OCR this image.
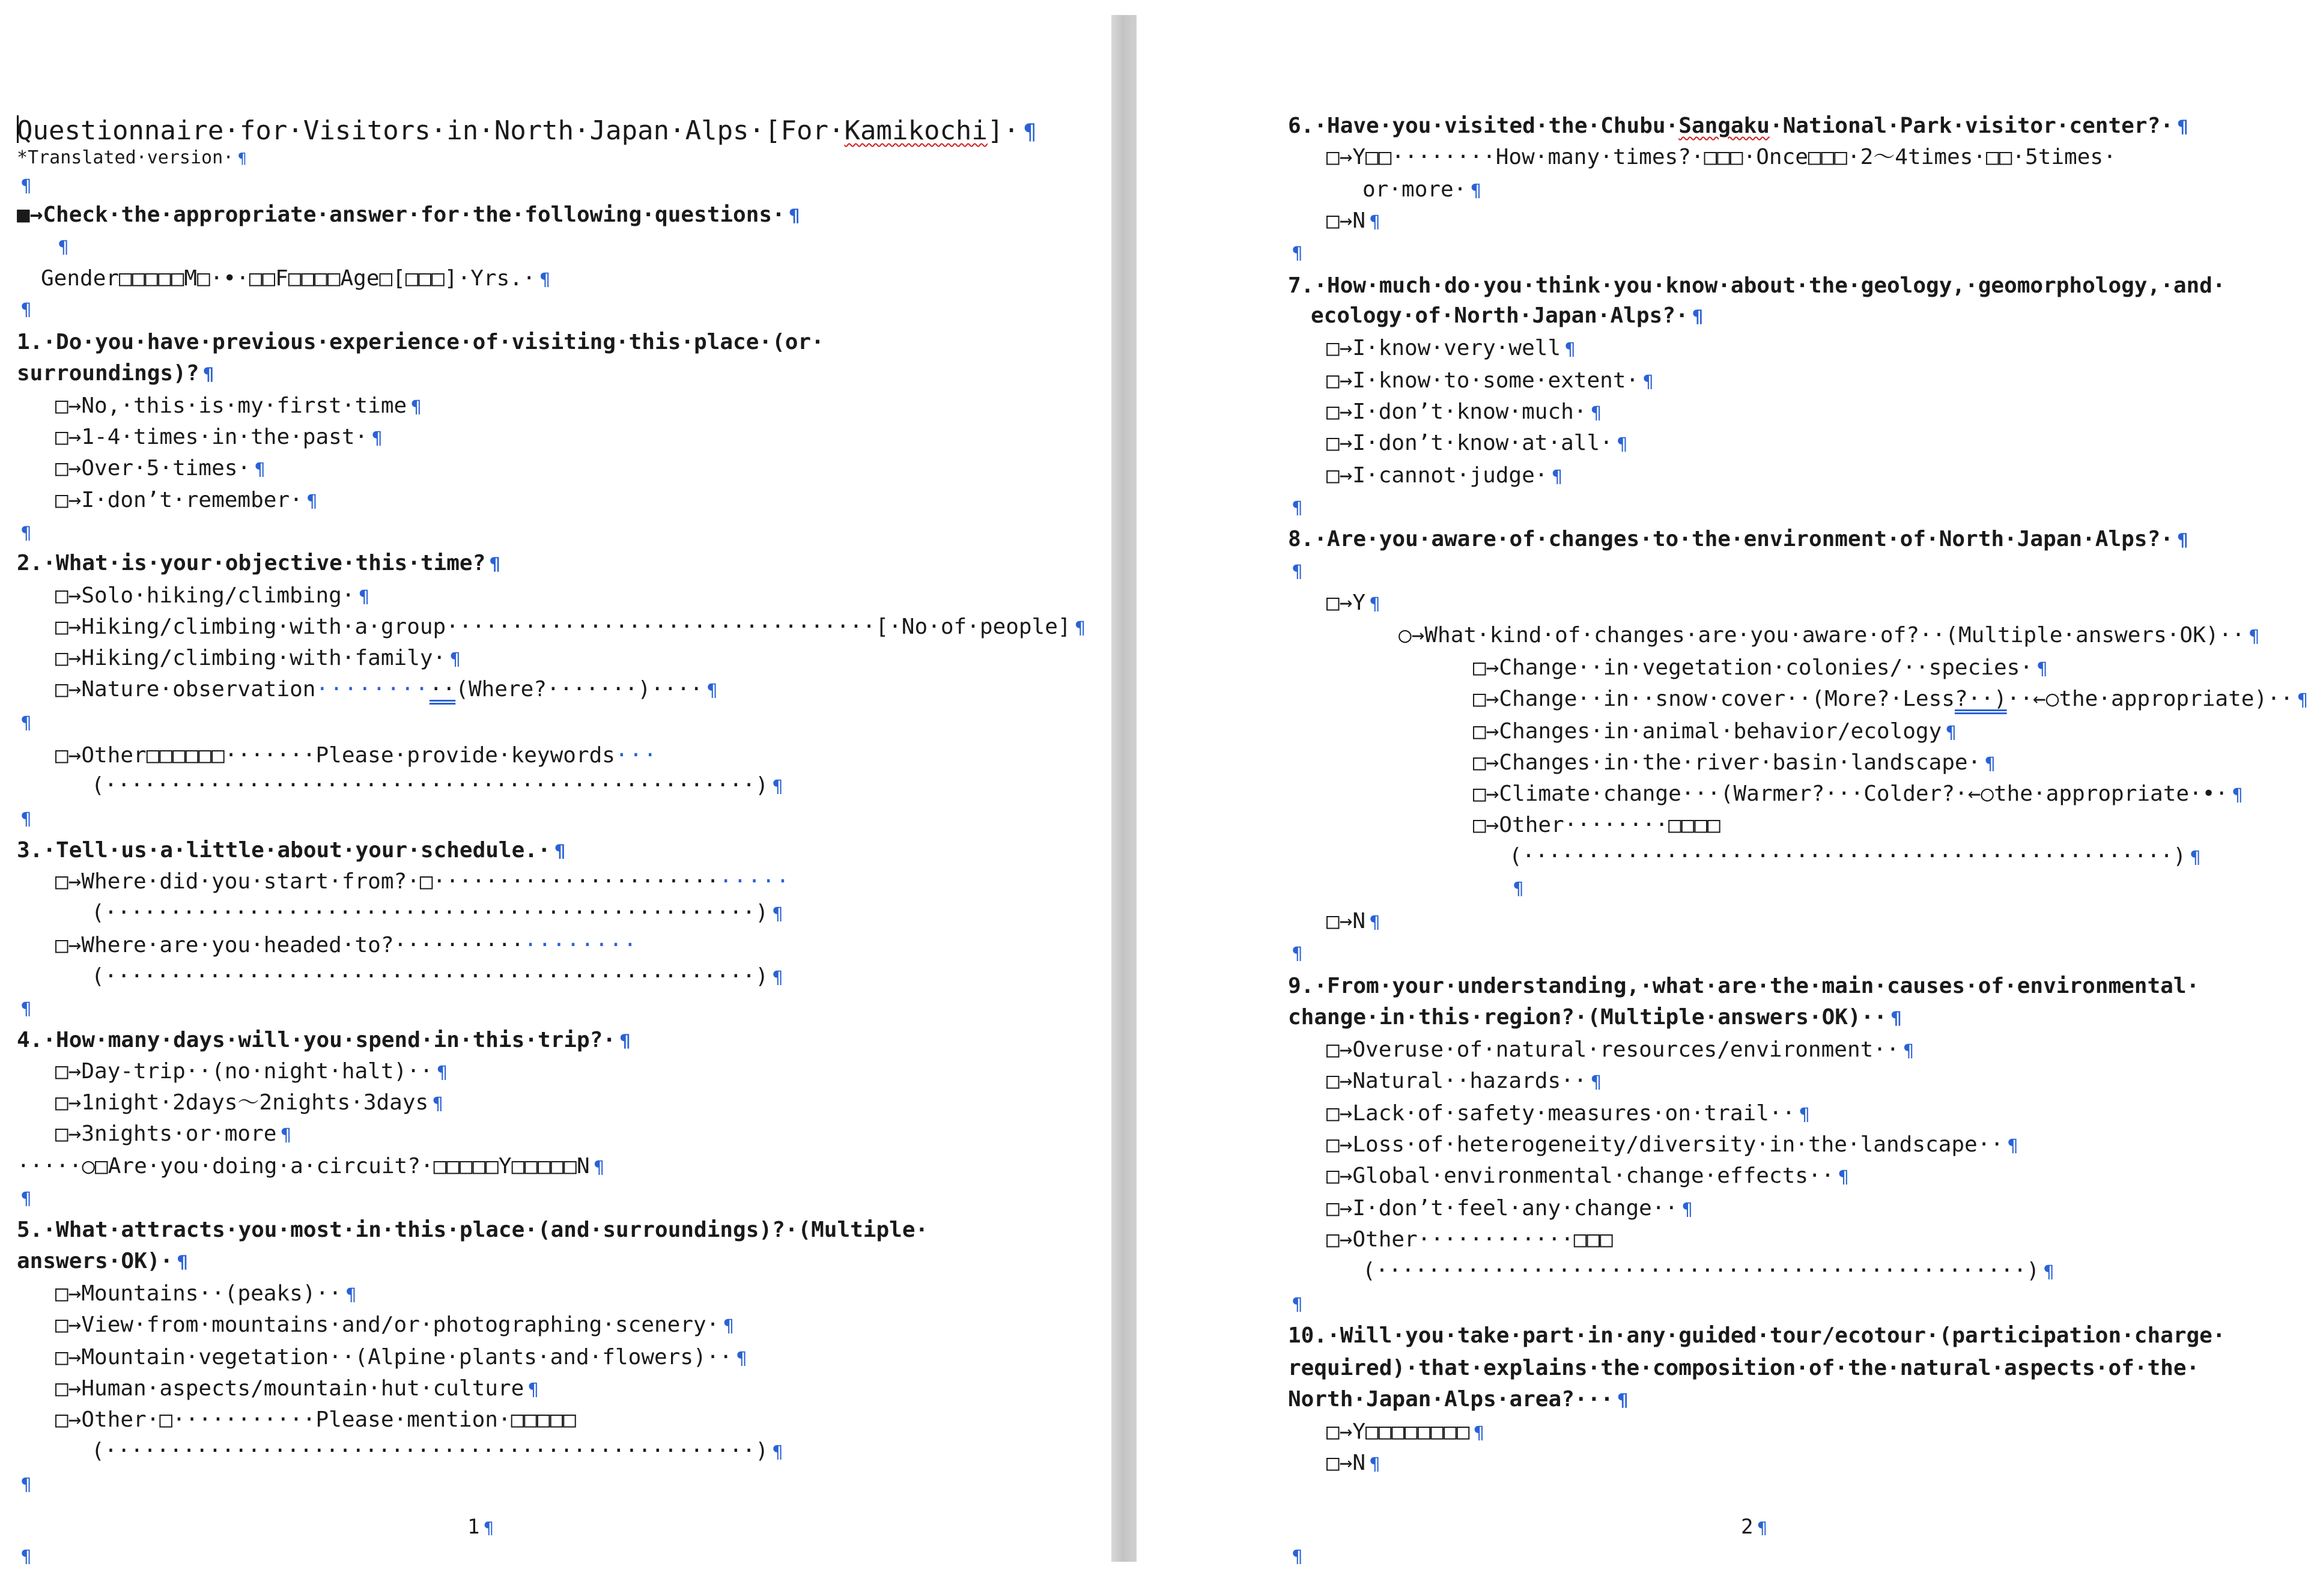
Questionnaire·for·Visitors·in·North·Japan·Alps·[For·Kamikochi]· ¶
*Translated·version· ¶
¶
■→Check·the·appropriate·answer·for·the·following·questions· ¶
¶
Gender□□□□□M□·•·□□F□□□□Age□[□□□]·Yrs.· ¶
¶
1.·Do·you·have·previous·experience·of·visiting·this·place·(or·
surroundings)? ¶
□→No,·this·is·my·first·time ¶
□→1-4·times·in·the·past· ¶
□→Over·5·times· ¶
□→I·don’t·remember· ¶
¶
2.·What·is·your·objective·this·time? ¶
□→Solo·hiking/climbing· ¶
□→Hiking/climbing·with·a·group·································[·No·of·people] ¶
□→Hiking/climbing·with·family· ¶
□→Nature·observation··········(Where?·······)···· ¶
¶
□→Other□□□□□□·······Please·provide·keywords···
(··················································) ¶
¶
3.·Tell·us·a·little·about·your·schedule.· ¶
□→Where·did·you·start·from?·□···························
(··················································) ¶
□→Where·are·you·headed·to?··················
(··················································) ¶
¶
4.·How·many·days·will·you·spend·in·this·trip?· ¶
□→Day-trip··(no·night·halt)·· ¶
□→1night·2days～2nights·3days ¶
□→3nights·or·more ¶
·····○□Are·you·doing·a·circuit?·□□□□□Y□□□□□N ¶
¶
5.·What·attracts·you·most·in·this·place·(and·surroundings)?·(Multiple·
answers·OK)· ¶
□→Mountains··(peaks)·· ¶
□→View·from·mountains·and/or·photographing·scenery· ¶
□→Mountain·vegetation··(Alpine·plants·and·flowers)·· ¶
□→Human·aspects/mountain·hut·culture ¶
□→Other·□···········Please·mention·□□□□□
(··················································) ¶
¶
1 ¶
¶
6.·Have·you·visited·the·Chubu·Sangaku·National·Park·visitor·center?· ¶
□→Y□□········How·many·times?·□□□·Once□□□·2～4times·□□·5times·
or·more· ¶
□→N ¶
¶
7.·How·much·do·you·think·you·know·about·the·geology,·geomorphology,·and·
ecology·of·North·Japan·Alps?· ¶
□→I·know·very·well ¶
□→I·know·to·some·extent· ¶
□→I·don’t·know·much· ¶
□→I·don’t·know·at·all· ¶
□→I·cannot·judge· ¶
¶
8.·Are·you·aware·of·changes·to·the·environment·of·North·Japan·Alps?· ¶
¶
□→Y ¶
○→What·kind·of·changes·are·you·aware·of?··(Multiple·answers·OK)·· ¶
□→Change··in·vegetation·colonies/··species· ¶
□→Change··in··snow·cover··(More?·Less?··)··←○the·appropriate)·· ¶
□→Changes·in·animal·behavior/ecology ¶
□→Changes·in·the·river·basin·landscape· ¶
□→Climate·change···(Warmer?···Colder?·←○the·appropriate·•· ¶
□→Other········□□□□
(··················································) ¶
¶
□→N ¶
¶
9.·From·your·understanding,·what·are·the·main·causes·of·environmental·
change·in·this·region?·(Multiple·answers·OK)·· ¶
□→Overuse·of·natural·resources/environment·· ¶
□→Natural··hazards·· ¶
□→Lack·of·safety·measures·on·trail·· ¶
□→Loss·of·heterogeneity/diversity·in·the·landscape·· ¶
□→Global·environmental·change·effects·· ¶
□→I·don’t·feel·any·change·· ¶
□→Other············□□□
(··················································) ¶
¶
10.·Will·you·take·part·in·any·guided·tour/ecotour·(participation·charge·
required)·that·explains·the·composition·of·the·natural·aspects·of·the·
North·Japan·Alps·area?··· ¶
□→Y□□□□□□□□ ¶
□→N ¶
2 ¶
¶
